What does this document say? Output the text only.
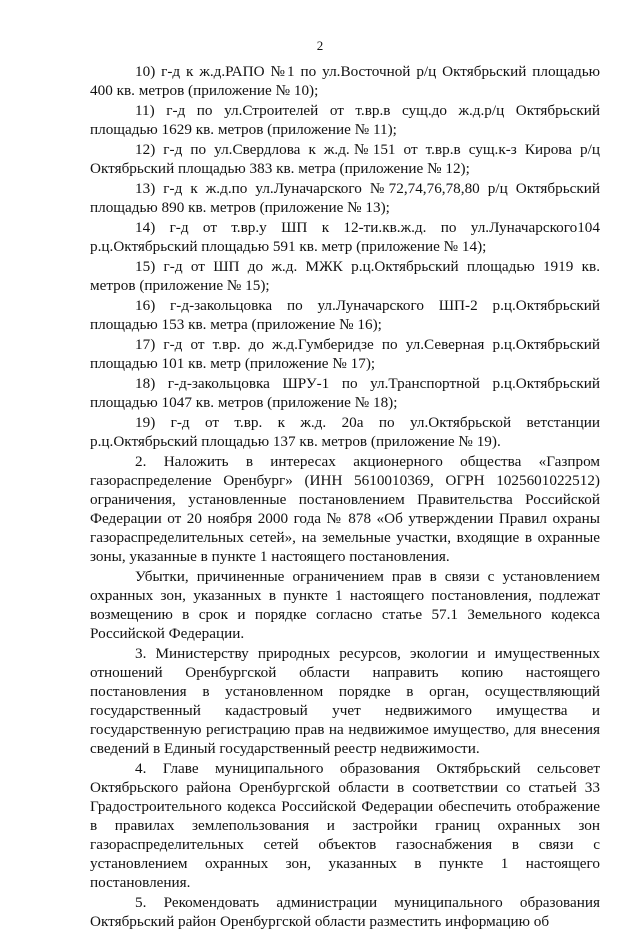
2

10) г-д к ж.д.РАПО №1 по ул.Восточной р/ц Октябрьский площадью 400 кв. метров (приложение № 10);

11) г-д по ул.Строителей от т.вр.в сущ.до ж.д.р/ц Октябрьский площадью 1629 кв. метров (приложение № 11);

12) г-д по ул.Свердлова к ж.д.№151 от т.вр.в сущ.к-з Кирова р/ц Октябрьский площадью 383 кв. метра (приложение № 12);

13) г-д к ж.д.по ул.Луначарского №72,74,76,78,80 р/ц Октябрьский площадью 890 кв. метров (приложение № 13);

14) г-д от т.вр.у ШП к 12-ти.кв.ж.д. по ул.Луначарского104 р.ц.Октябрьский площадью 591 кв. метр (приложение № 14);

15) г-д от ШП до ж.д. МЖК р.ц.Октябрьский площадью 1919 кв. метров (приложение № 15);

16) г-д-закольцовка по ул.Луначарского ШП-2 р.ц.Октябрьский площадью 153 кв. метра (приложение № 16);

17) г-д от т.вр. до ж.д.Гумберидзе по ул.Северная р.ц.Октябрьский площадью 101 кв. метр (приложение № 17);

18) г-д-закольцовка ШРУ-1 по ул.Транспортной р.ц.Октябрьский площадью 1047 кв. метров (приложение № 18);

19) г-д от т.вр. к ж.д. 20а по ул.Октябрьской ветстанции р.ц.Октябрьский площадью 137 кв. метров (приложение № 19).

2. Наложить в интересах акционерного общества «Газпром газораспределение Оренбург» (ИНН 5610010369, ОГРН 1025601022512) ограничения, установленные постановлением Правительства Российской Федерации от 20 ноября 2000 года № 878 «Об утверждении Правил охраны газораспределительных сетей», на земельные участки, входящие в охранные зоны, указанные в пункте 1 настоящего постановления.

Убытки, причиненные ограничением прав в связи с установлением охранных зон, указанных в пункте 1 настоящего постановления, подлежат возмещению в срок и порядке согласно статье 57.1 Земельного кодекса Российской Федерации.

3. Министерству природных ресурсов, экологии и имущественных отношений Оренбургской области направить копию настоящего постановления в установленном порядке в орган, осуществляющий государственный кадастровый учет недвижимого имущества и государственную регистрацию прав на недвижимое имущество, для внесения сведений в Единый государственный реестр недвижимости.

4. Главе муниципального образования Октябрьский сельсовет Октябрьского района Оренбургской области в соответствии со статьей 33 Градостроительного кодекса Российской Федерации обеспечить отображение в правилах землепользования и застройки границ охранных зон газораспределительных сетей объектов газоснабжения в связи с установлением охранных зон, указанных в пункте 1 настоящего постановления.

5. Рекомендовать администрации муниципального образования Октябрьский район Оренбургской области разместить информацию об
